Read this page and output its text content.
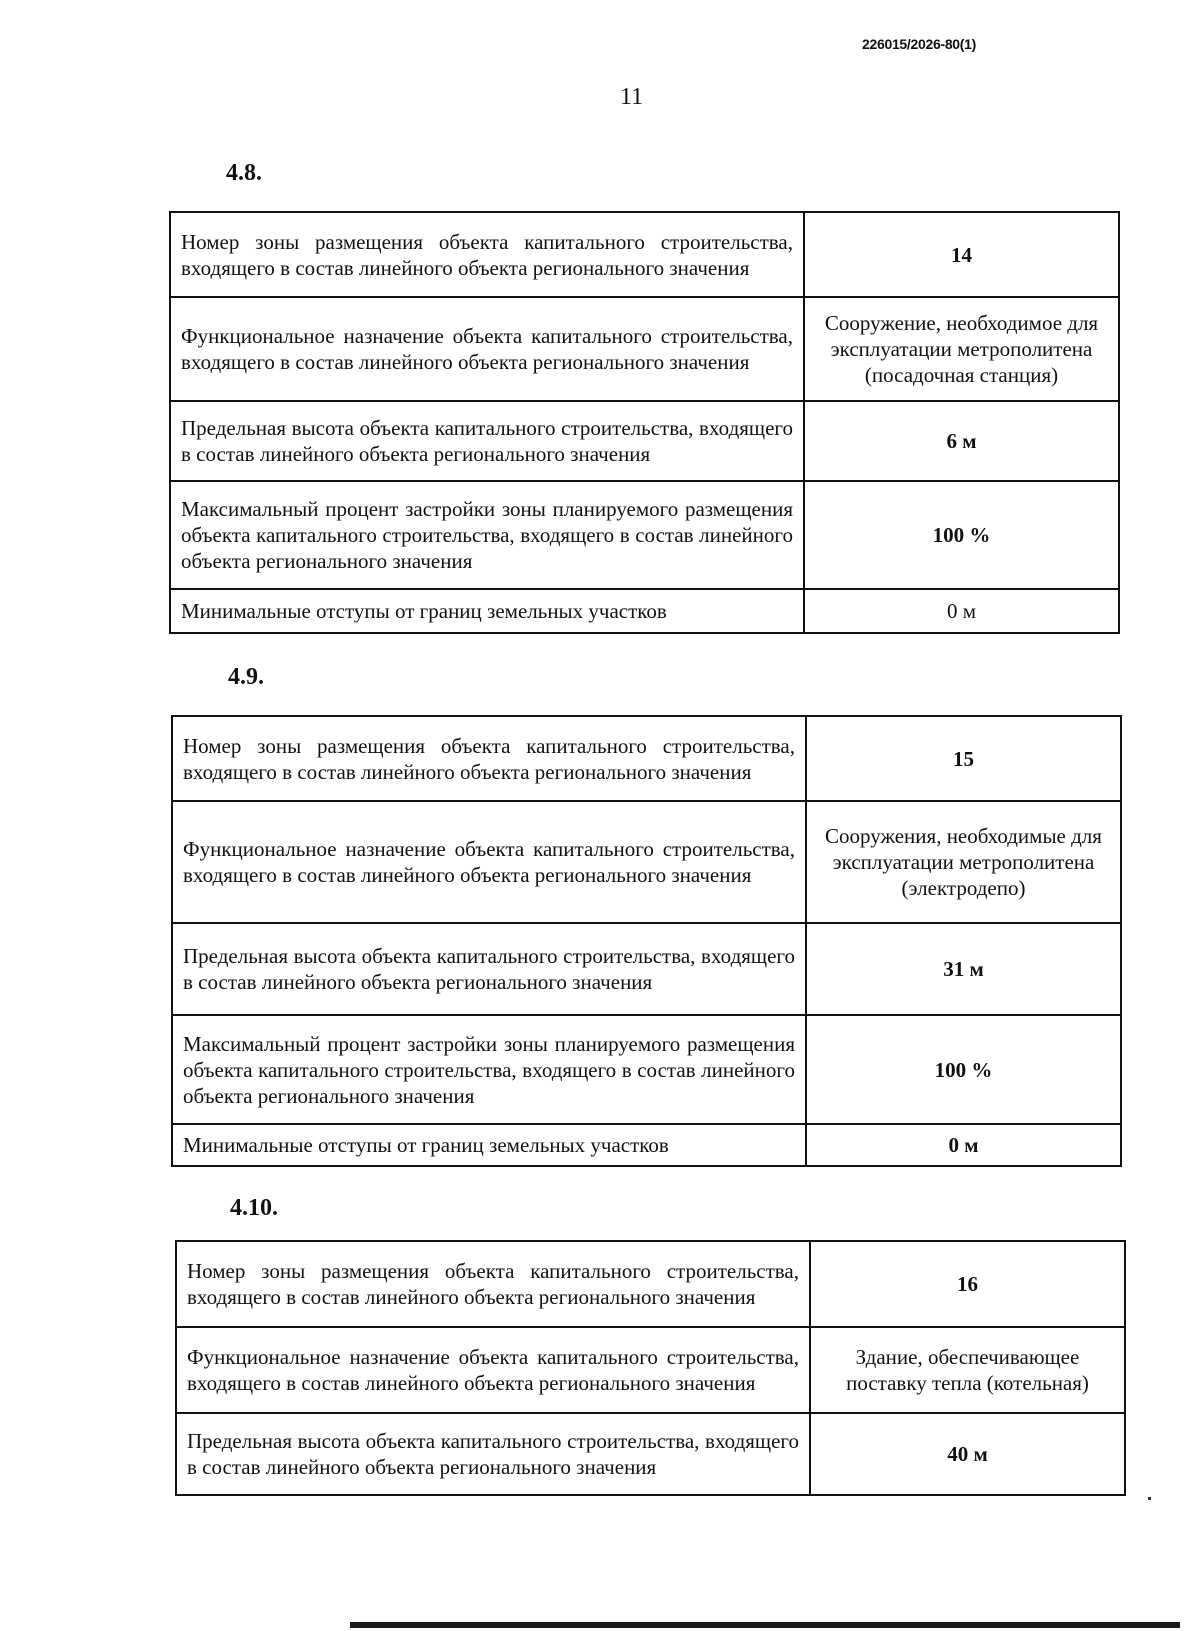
226015/2026-80(1)
11
4.8.
Номер зоны размещения объекта капитального строительства, входящего в состав линейного объекта регионального значения	14
Функциональное назначение объекта капитального строительства, входящего в состав линейного объекта регионального значения	Сооружение, необходимое для эксплуатации метрополитена (посадочная станция)
Предельная высота объекта капитального строительства, входящего в состав линейного объекта регионального значения	6 м
Максимальный процент застройки зоны планируемого размещения объекта капитального строительства, входящего в состав линейного объекта регионального значения	100 %
Минимальные отступы от границ земельных участков	0 м
4.9.
Номер зоны размещения объекта капитального строительства, входящего в состав линейного объекта регионального значения	15
Функциональное назначение объекта капитального строительства, входящего в состав линейного объекта регионального значения	Сооружения, необходимые для эксплуатации метрополитена (электродепо)
Предельная высота объекта капитального строительства, входящего в состав линейного объекта регионального значения	31 м
Максимальный процент застройки зоны планируемого размещения объекта капитального строительства, входящего в состав линейного объекта регионального значения	100 %
Минимальные отступы от границ земельных участков	0 м
4.10.
Номер зоны размещения объекта капитального строительства, входящего в состав линейного объекта регионального значения	16
Функциональное назначение объекта капитального строительства, входящего в состав линейного объекта регионального значения	Здание, обеспечивающее поставку тепла (котельная)
Предельная высота объекта капитального строительства, входящего в состав линейного объекта регионального значения	40 м
